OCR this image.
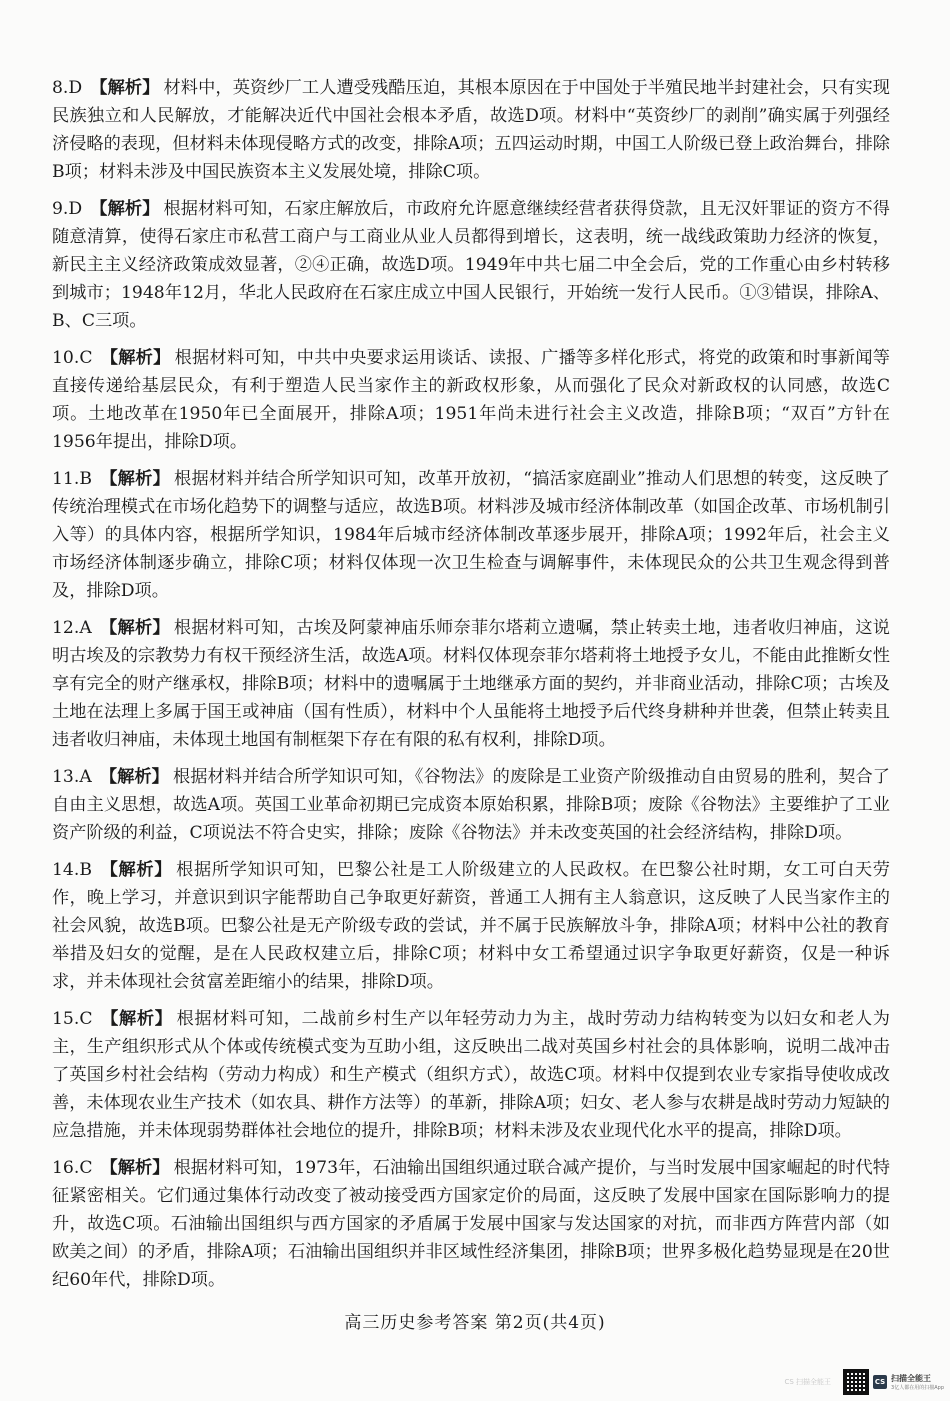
8.D 【解析】 材料中，英资纱厂工人遭受残酷压迫，其根本原因在于中国处于半殖民地半封建社会，只有实现民族独立和人民解放，才能解决近代中国社会根本矛盾，故选D项。材料中“英资纱厂的剥削”确实属于列强经济侵略的表现，但材料未体现侵略方式的改变，排除A项；五四运动时期，中国工人阶级已登上政治舞台，排除B项；材料未涉及中国民族资本主义发展处境，排除C项。
9.D 【解析】 根据材料可知，石家庄解放后，市政府允许愿意继续经营者获得贷款，且无汉奸罪证的资方不得随意清算，使得石家庄市私营工商户与工商业从业人员都得到增长，这表明，统一战线政策助力经济的恢复，新民主主义经济政策成效显著，②④正确，故选D项。1949年中共七届二中全会后，党的工作重心由乡村转移到城市；1948年12月，华北人民政府在石家庄成立中国人民银行，开始统一发行人民币。①③错误，排除A、B、C三项。
10.C 【解析】 根据材料可知，中共中央要求运用谈话、读报、广播等多样化形式，将党的政策和时事新闻等直接传递给基层民众，有利于塑造人民当家作主的新政权形象，从而强化了民众对新政权的认同感，故选C项。土地改革在1950年已全面展开，排除A项；1951年尚未进行社会主义改造，排除B项；“双百”方针在1956年提出，排除D项。
11.B 【解析】 根据材料并结合所学知识可知，改革开放初，“搞活家庭副业”推动人们思想的转变，这反映了传统治理模式在市场化趋势下的调整与适应，故选B项。材料涉及城市经济体制改革（如国企改革、市场机制引入等）的具体内容，根据所学知识，1984年后城市经济体制改革逐步展开，排除A项；1992年后，社会主义市场经济体制逐步确立，排除C项；材料仅体现一次卫生检查与调解事件，未体现民众的公共卫生观念得到普及，排除D项。
12.A 【解析】 根据材料可知，古埃及阿蒙神庙乐师奈菲尔塔莉立遗嘱，禁止转卖土地，违者收归神庙，这说明古埃及的宗教势力有权干预经济生活，故选A项。材料仅体现奈菲尔塔莉将土地授予女儿，不能由此推断女性享有完全的财产继承权，排除B项；材料中的遗嘱属于土地继承方面的契约，并非商业活动，排除C项；古埃及土地在法理上多属于国王或神庙（国有性质），材料中个人虽能将土地授予后代终身耕种并世袭，但禁止转卖且违者收归神庙，未体现土地国有制框架下存在有限的私有权利，排除D项。
13.A 【解析】 根据材料并结合所学知识可知，《谷物法》的废除是工业资产阶级推动自由贸易的胜利，契合了自由主义思想，故选A项。英国工业革命初期已完成资本原始积累，排除B项；废除《谷物法》主要维护了工业资产阶级的利益，C项说法不符合史实，排除；废除《谷物法》并未改变英国的社会经济结构，排除D项。
14.B 【解析】 根据所学知识可知，巴黎公社是工人阶级建立的人民政权。在巴黎公社时期，女工可白天劳作，晚上学习，并意识到识字能帮助自己争取更好薪资，普通工人拥有主人翁意识，这反映了人民当家作主的社会风貌，故选B项。巴黎公社是无产阶级专政的尝试，并不属于民族解放斗争，排除A项；材料中公社的教育举措及妇女的觉醒，是在人民政权建立后，排除C项；材料中女工希望通过识字争取更好薪资，仅是一种诉求，并未体现社会贫富差距缩小的结果，排除D项。
15.C 【解析】 根据材料可知，二战前乡村生产以年轻劳动力为主，战时劳动力结构转变为以妇女和老人为主，生产组织形式从个体或传统模式变为互助小组，这反映出二战对英国乡村社会的具体影响，说明二战冲击了英国乡村社会结构（劳动力构成）和生产模式（组织方式），故选C项。材料中仅提到农业专家指导使收成改善，未体现农业生产技术（如农具、耕作方法等）的革新，排除A项；妇女、老人参与农耕是战时劳动力短缺的应急措施，并未体现弱势群体社会地位的提升，排除B项；材料未涉及农业现代化水平的提高，排除D项。
16.C 【解析】 根据材料可知，1973年，石油输出国组织通过联合减产提价，与当时发展中国家崛起的时代特征紧密相关。它们通过集体行动改变了被动接受西方国家定价的局面，这反映了发展中国家在国际影响力的提升，故选C项。石油输出国组织与西方国家的矛盾属于发展中国家与发达国家的对抗，而非西方阵营内部（如欧美之间）的矛盾，排除A项；石油输出国组织并非区域性经济集团，排除B项；世界多极化趋势显现是在20世纪60年代，排除D项。
高三历史参考答案 第2页(共4页)
CS 扫描全能王	CS 扫描全能王
3亿人都在用的扫描App
